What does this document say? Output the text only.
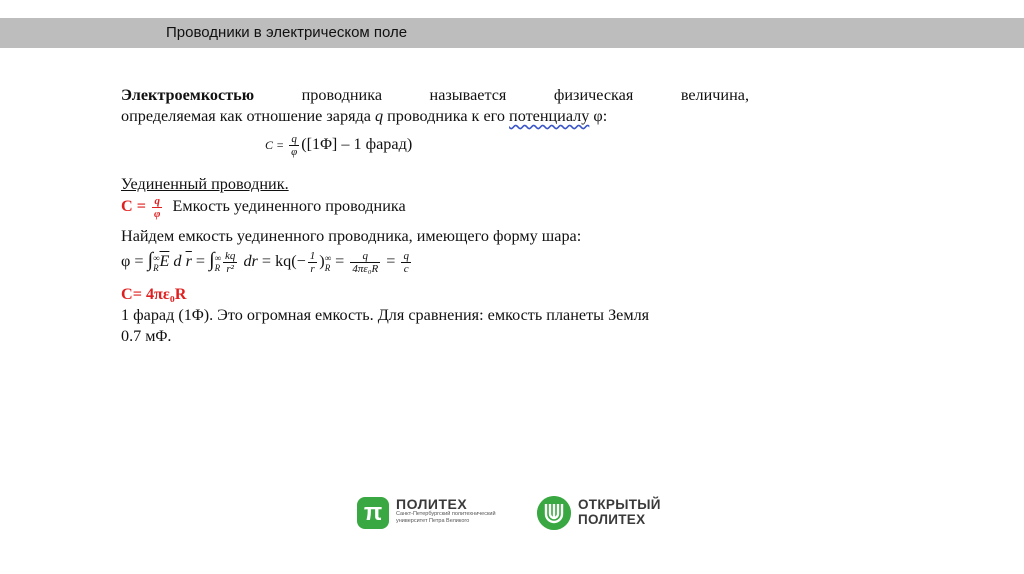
Проводники в электрическом поле
Электроемкостью	проводника	называется	физическая	величина,
определяемая как отношение заряда q проводника к его потенциалу φ:
$C = \frac{q}{\varphi} ([1\Phi] - 1$ фарад)
Уединенный проводник.
$C = \frac{q}{\varphi}$ Емкость уединенного проводника
Найдем емкость уединенного проводника, имеющего форму шара:
φ = ∫ ∞
R $\overline{E}$ d $\overline{r}$ = ∫ ∞
R $\frac{kq}{\text{r²}}$ dr = $kq(- \frac{1}{r}$ ) ∞
$R = \frac{q}{\text{4πε₀R}} = \frac{q}{c}$
C= 4πε₀R
1 фарад (1Φ). Это огромная емкость. Для сравнения: емкость планеты Земля
0.7 мΦ.
π ПОЛИТЕХ
Санкт-Петербургский политехнический университет Петра Великого
ОТКРЫТЫЙ
ПОЛИТЕХ
